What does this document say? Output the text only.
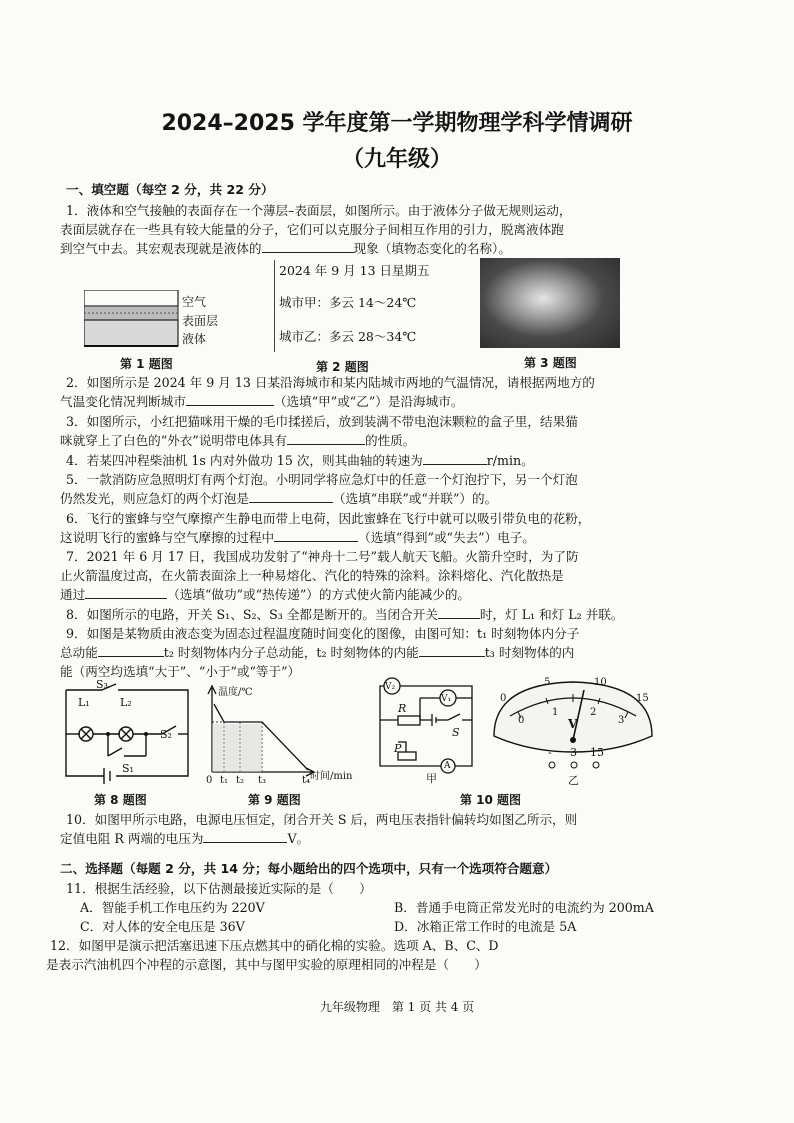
2024–2025 学年度第一学期物理学科学情调研
（九年级）
一、填空题（每空 2 分，共 22 分）
1．液体和空气接触的表面存在一个薄层–表面层，如图所示。由于液体分子做无规则运动，
表面层就存在一些具有较大能量的分子，它们可以克服分子间相互作用的引力，脱离液体跑
到空气中去。其宏观表现就是液体的	现象（填物态变化的名称）。
空气
表面层
液体
第 1 题图
2024 年 9 月 13 日星期五
城市甲：多云 14～24℃
城市乙：多云 28～34℃
第 2 题图	第 3 题图
2．如图所示是 2024 年 9 月 13 日某沿海城市和某内陆城市两地的气温情况，请根据两地方的
气温变化情况判断城市	（选填“甲”或“乙”）是沿海城市。
3．如图所示，小红把猫咪用干燥的毛巾揉搓后，放到装满不带电泡沫颗粒的盒子里，结果猫
咪就穿上了白色的“外衣”说明带电体具有	的性质。
4．若某四冲程柴油机 1s 内对外做功 15 次，则其曲轴的转速为	r/min。
5．一款消防应急照明灯有两个灯泡。小明同学将应急灯中的任意一个灯泡拧下，另一个灯泡
仍然发光，则应急灯的两个灯泡是	（选填“串联”或“并联”）的。
6．飞行的蜜蜂与空气摩擦产生静电而带上电荷，因此蜜蜂在飞行中就可以吸引带负电的花粉，
这说明飞行的蜜蜂与空气摩擦的过程中	（选填“得到”或“失去”）电子。
7．2021 年 6 月 17 日，我国成功发射了“神舟十二号”载人航天飞船。火箭升空时，为了防
止火箭温度过高，在火箭表面涂上一种易熔化、汽化的特殊的涂料。涂料熔化、汽化散热是
通过	（选填“做功”或“热传递”）的方式使火箭内能减少的。
8．如图所示的电路，开关 S₁、S₂、S₃ 全都是断开的。当闭合开关	时，灯 L₁ 和灯 L₂ 并联。
9．如图是某物质由液态变为固态过程温度随时间变化的图像，由图可知：t₁ 时刻物体内分子
总动能	t₂ 时刻物体内分子总动能，t₂ 时刻物体的内能	t₃ 时刻物体的内
能（两空均选填“大于”、“小于”或“等于”）
S₃
L₁	L₂
S₂
S₁
第 8 题图
温度/℃
时间/min
0 t₁ t₂ t₃	t₄
第 9 题图
V₂
V₁
R
S
P
A
甲
0
5	10
15
0
1	2
3
V
- 3 15
乙
第 10 题图
10．如图甲所示电路，电源电压恒定，闭合开关 S 后，两电压表指针偏转均如图乙所示，则
定值电阻 R 两端的电压为	V。
二、选择题（每题 2 分，共 14 分；每小题给出的四个选项中，只有一个选项符合题意）
11．根据生活经验，以下估测最接近实际的是（　　）
A．智能手机工作电压约为 220V	B．普通手电筒正常发光时的电流约为 200mA
C．对人体的安全电压是 36V	D．冰箱正常工作时的电流是 5A
12．如图甲是演示把活塞迅速下压点燃其中的硝化棉的实验。选项 A、B、C、D
是表示汽油机四个冲程的示意图，其中与图甲实验的原理相同的冲程是（　　）
九年级物理　第 1 页 共 4 页
